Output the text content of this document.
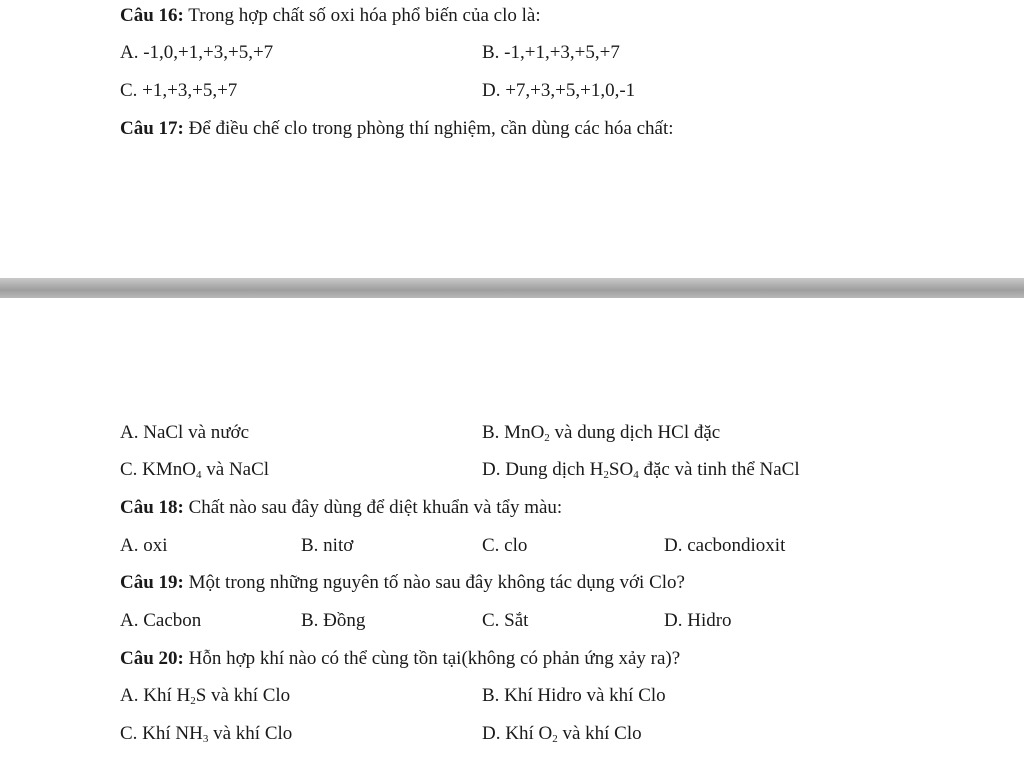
Câu 16: Trong hợp chất số oxi hóa phổ biến của clo là:
A. -1,0,+1,+3,+5,+7	B. -1,+1,+3,+5,+7
C. +1,+3,+5,+7	D. +7,+3,+5,+1,0,-1
Câu 17: Để điều chế clo trong phòng thí nghiệm, cần dùng các hóa chất:
A. NaCl và nước	B. MnO$_2$ và dung dịch HCl đặc
C. KMnO$_4$ và NaCl	D. Dung dịch $H_2SO_4$ đặc và tinh thể NaCl
Câu 18: Chất nào sau đây dùng để diệt khuẩn và tẩy màu:
A. oxi	B. nitơ	C. clo	D. cacbondioxit
Câu 19: Một trong những nguyên tố nào sau đây không tác dụng với Clo?
A. Cacbon	B. Đồng	C. Sắt	D. Hidro
Câu 20: Hỗn hợp khí nào có thể cùng tồn tại(không có phản ứng xảy ra)?
A. Khí $H_2S$ và khí Clo	B. Khí Hidro và khí Clo
C. Khí $NH_3$ và khí Clo	D. Khí $O_2$ và khí Clo
